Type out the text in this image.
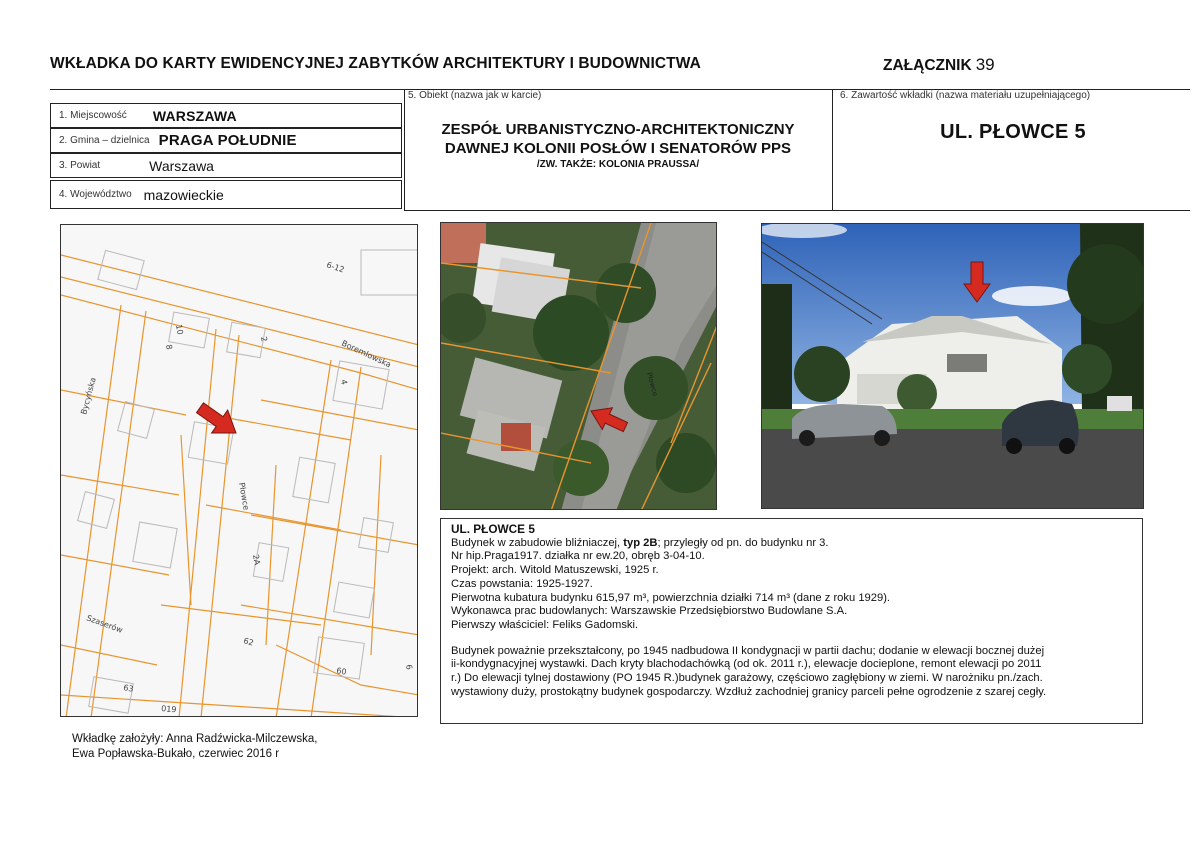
WKŁADKA DO KARTY EWIDENCYJNEJ ZABYTKÓW ARCHITEKTURY I BUDOWNICTWA	ZAŁĄCZNIK 39
1. Miejscowość WARSZAWA
2. Gmina – dzielnica PRAGA POŁUDNIE
3. Powiat	Warszawa
4. Województwo mazowieckie
5. Obiekt (nazwa jak w karcie)
ZESPÓŁ URBANISTYCZNO-ARCHITEKTONICZNY
DAWNEJ KOLONII POSŁÓW I SENATORÓW PPS
/ZW. TAKŻE: KOLONIA PRAUSSA/
6. Zawartość wkładki (nazwa materiału uzupełniającego)
UL. PŁOWCE 5
Boremlowska
Bycyńska
Płowce
Szaserów
6-12
2A
62
60
10
8
2
4
6
63
019
Płowce
UL. PŁOWCE 5
Budynek w zabudowie bliźniaczej, typ 2B; przyległy od pn. do budynku nr 3.
Nr hip.Praga1917. działka nr ew.20, obręb 3-04-10.
Projekt: arch. Witold Matuszewski, 1925 r.
Czas powstania: 1925-1927.
Pierwotna kubatura budynku 615,97 m³, powierzchnia działki 714 m³ (dane z roku 1929).
Wykonawca prac budowlanych: Warszawskie Przedsiębiorstwo Budowlane S.A.
Pierwszy właściciel: Feliks Gadomski.
Budynek poważnie przekształcony, po 1945 nadbudowa II kondygnacji w partii dachu; dodanie w elewacji bocznej dużej
ii-kondygnacyjnej wystawki. Dach kryty blachodachówką (od ok. 2011 r.), elewacje docieplone, remont elewacji po 2011
r.) Do elewacji tylnej dostawiony (PO 1945 R.)budynek garażowy, częściowo zagłębiony w ziemi. W narożniku pn./zach.
wystawiony duży, prostokątny budynek gospodarczy. Wzdłuż zachodniej granicy parceli pełne ogrodzenie z szarej cegły.
Wkładkę założyły: Anna Radźwicka-Milczewska,
Ewa Popławska-Bukało, czerwiec 2016 r
